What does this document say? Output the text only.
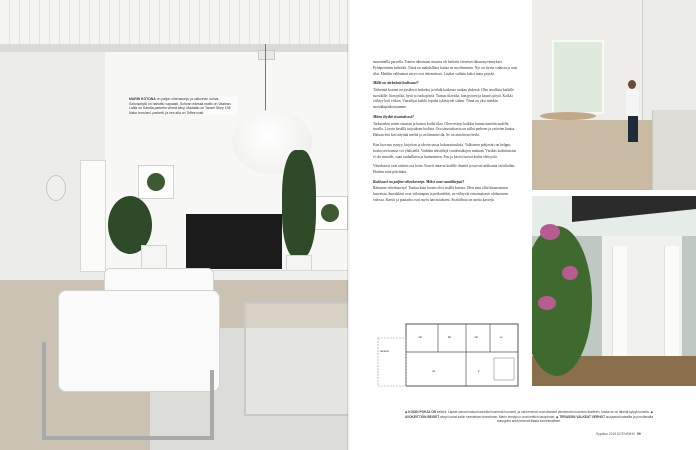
MARIN KOTONA on paljon vihersaseja, ja valkoinen sohva. Sohvapöytä on hankittu vapaasti. Sohvan edessä matto on Vaalean. Lattia on Karelia-parketin vihreä sävy. Maalattu on Tammi Story 198 Natur brushed -parketti, ja sen alla on Toffee matt.

suurennella parvella. Toinen ideoimani muutos oli keittiön viereiset ikkunasyvennykset. Pyhäperäinen keittiötä. Tässä on mahdollista laittaa ne myöhemmin. Nyt on hyvin valaistu ja uusi tilat. Meidän valitsemat sävyt ovat tekemisissä. Lisäksi valitsin kaksi uutta pöytää.

Millä on tärkeintä kodissasi?

Tärkeintä kotona on pysähtyä hetkeksi ja tehdä kaikessa ruokaa yhdessä. Olin tavallista kaikille suosikille: liian pitkä, hyvä ja ruokapöytä. Tuntuu tilavalta, kun pyöreä ja kaunis pöytä. Kaikki viihtyy koti viikon. Vierailijat kaikki lopulta tykästyvät siihen. Tämä on yksi meidän suosikkipaikoistamme.

Miten löydät sisustuksesi?

Tarkastelen miten sisustan ja katson kodin tilaa. Olen etsinyt kaikkia kunnostustöitä uudella tavalla. Löysin kesällä tarjouksen kodista. Osa sisustuksesta on tullut perheen ja ystävien kautta. Haluan että koti näyttää meiltä ja on lämmin tila. Se on aina hieno hetki.

Kun luovuus syntyy, kirjoitan ja ideoin uusia kokonaisuuksia. Valkoinen pohjaväri on helppo, koska sen kanssa voi yhdistellä. Vaihdan tekstiilejä vuodenaikojen mukaan. Värikäs kodinisustus ei ole minulle, vaan rauhallinen ja harmoninen. Puu ja kasvit tuovat kotiin elävyyttä.

Viherkasvit ovat tärkein osa kotia. Kasvit antavat kodille ilmettä ja tuovat raikkautta sisätiloihin. Hoidan niitä päivittäin.

Kodissasi on paljon viherkasveja. Miksi ovat suosikkejasi?

Rakastan viherkasveja! Tuntuu kuin luonto olisi sisällä kotona. Olen aina ollut kiinnostunut kasveista. Suosikkini ovat viikunapuu ja peikonlehti, ne viihtyvät erinomaisesti olohuoneen valossa. Kasvit ja puutarha ovat myös harrastukseni. Sisävälissä on useita kasveja.

terassi
mh	kh
oh
mh
k
et
◆ KODIN POHJA ON selkeä. Lapset saivat makuuhuoneiksi isommat huoneet, ja vanhemmat ovat ottaneet pienimmän huoneen itselleen, koska se on lähellä kylpyhuonetta. ◆ AVOKEITTIÖN BEIGET sävyt luovat kotiin seesteisen tunnelman. Marin lempipuu ovat keittiön tasopinnat. ◆ TERASSIN VALKEAT VERHOT suojaavat katseilta ja porottavalta auringolta sekä tekevät tilasta tunnelmallisen.
Syyskuu 2019 KOTIVINKKI 99
